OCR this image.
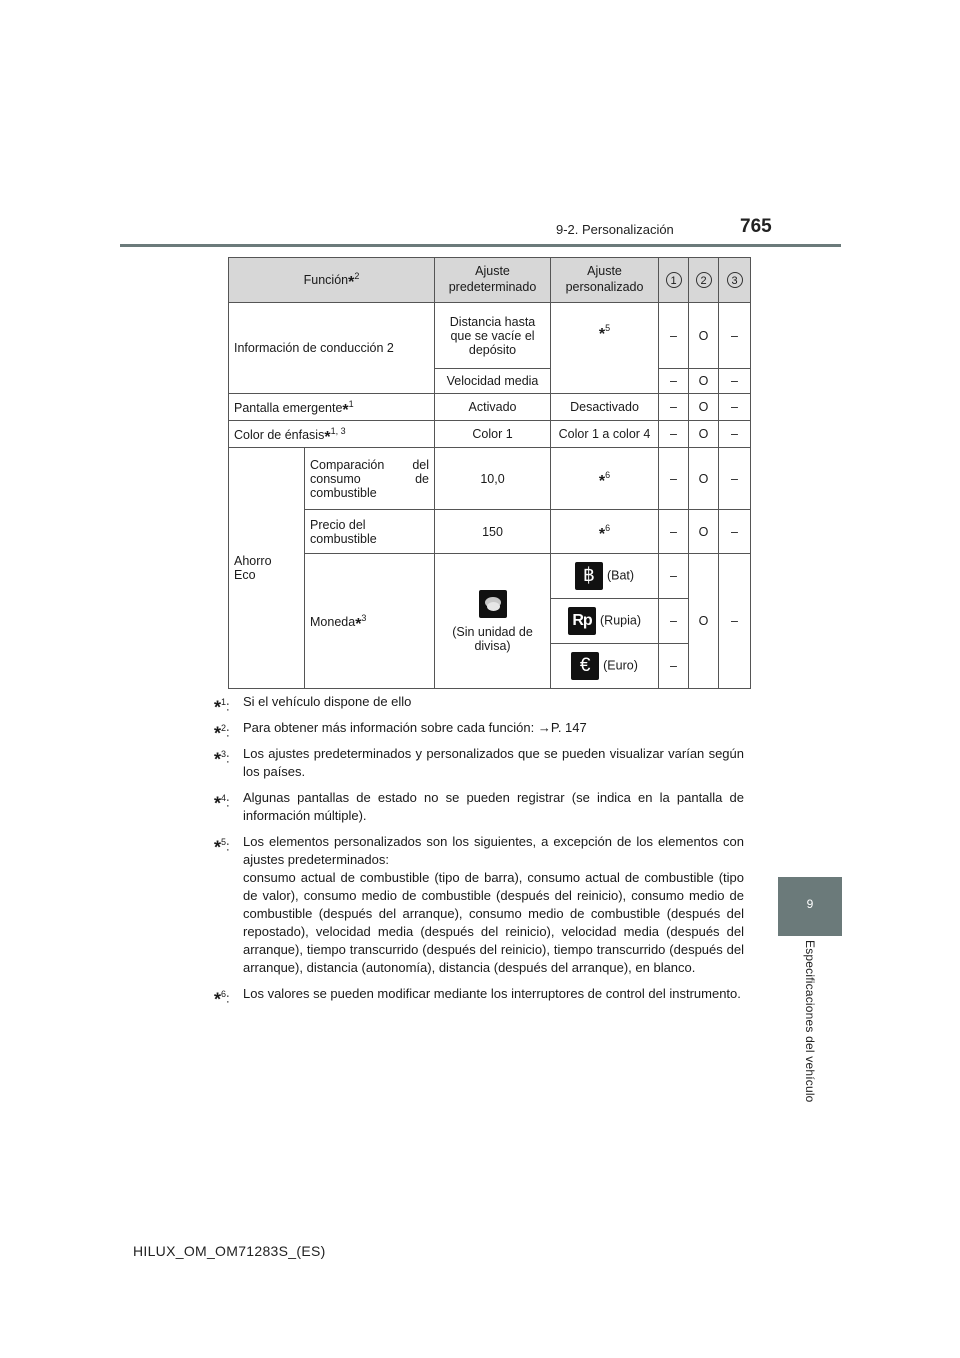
9-2. Personalización	765
9
Especificaciones del vehículo
Función*$^2$		Ajuste predeterminado	Ajuste personalizado	1	2	3
Información de conducción 2		Distancia hasta que se vacíe el depósito	*$^5$	–	O	–
		Velocidad media		–	O	–
Pantalla emergente*$^1$		Activado	Desactivado	–	O	–
Color de énfasis*$^{1, 3}$		Color 1	Color 1 a color 4	–	O	–
Ahorro Eco	Comparación del consumo de combustible	10,0	*$^6$	–	O	–
	Precio del combustible	150	*$^6$	–	O	–
	Moneda*$^3$	(Sin unidad de divisa)	฿ (Bat)	–	O	–
			Rp (Rupia)	–		
			€ (Euro)	–		
*$^1$: Si el vehículo dispone de ello
*$^2$: Para obtener más información sobre cada función: →P. 147
*$^3$: Los ajustes predeterminados y personalizados que se pueden visualizar varían según los países.
*$^4$: Algunas pantallas de estado no se pueden registrar (se indica en la pantalla de información múltiple).
*$^5$: Los elementos personalizados son los siguientes, a excepción de los elementos con ajustes predeterminados:
consumo actual de combustible (tipo de barra), consumo actual de combustible (tipo de valor), consumo medio de combustible (después del reinicio), consumo medio de combustible (después del arranque), consumo medio de combustible (después del repostado), velocidad media (después del reinicio), velocidad media (después del arranque), tiempo transcurrido (después del reinicio), tiempo transcurrido (después del arranque), distancia (autonomía), distancia (después del arranque), en blanco.
*$^6$: Los valores se pueden modificar mediante los interruptores de control del instrumento.
HILUX_OM_OM71283S_(ES)
